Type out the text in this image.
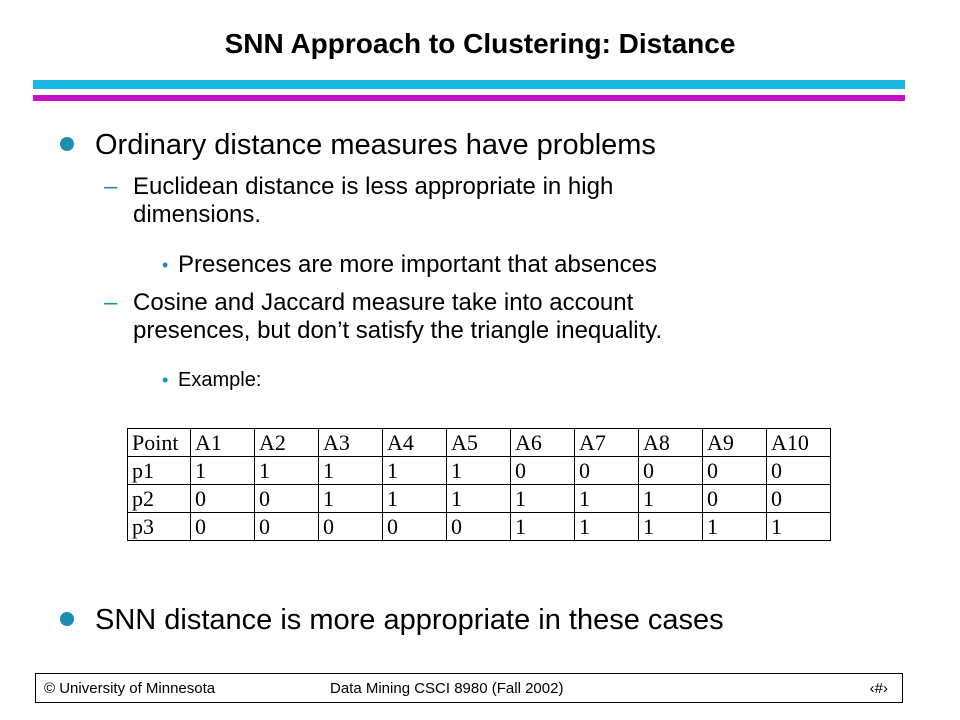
SNN Approach to Clustering: Distance
Ordinary distance measures have problems
– Euclidean distance is less appropriate in high
dimensions.
• Presences are more important that absences
– Cosine and Jaccard measure take into account
presences, but don’t satisfy the triangle inequality.
• Example:
Point	A1	A2	A3	A4	A5	A6	A7	A8	A9	A10
p1	1	1	1	1	1	0	0	0	0	0
p2	0	0	1	1	1	1	1	1	0	0
p3	0	0	0	0	0	1	1	1	1	1
SNN distance is more appropriate in these cases
© University of Minnesota	Data Mining CSCI 8980 (Fall 2002)	‹#›
